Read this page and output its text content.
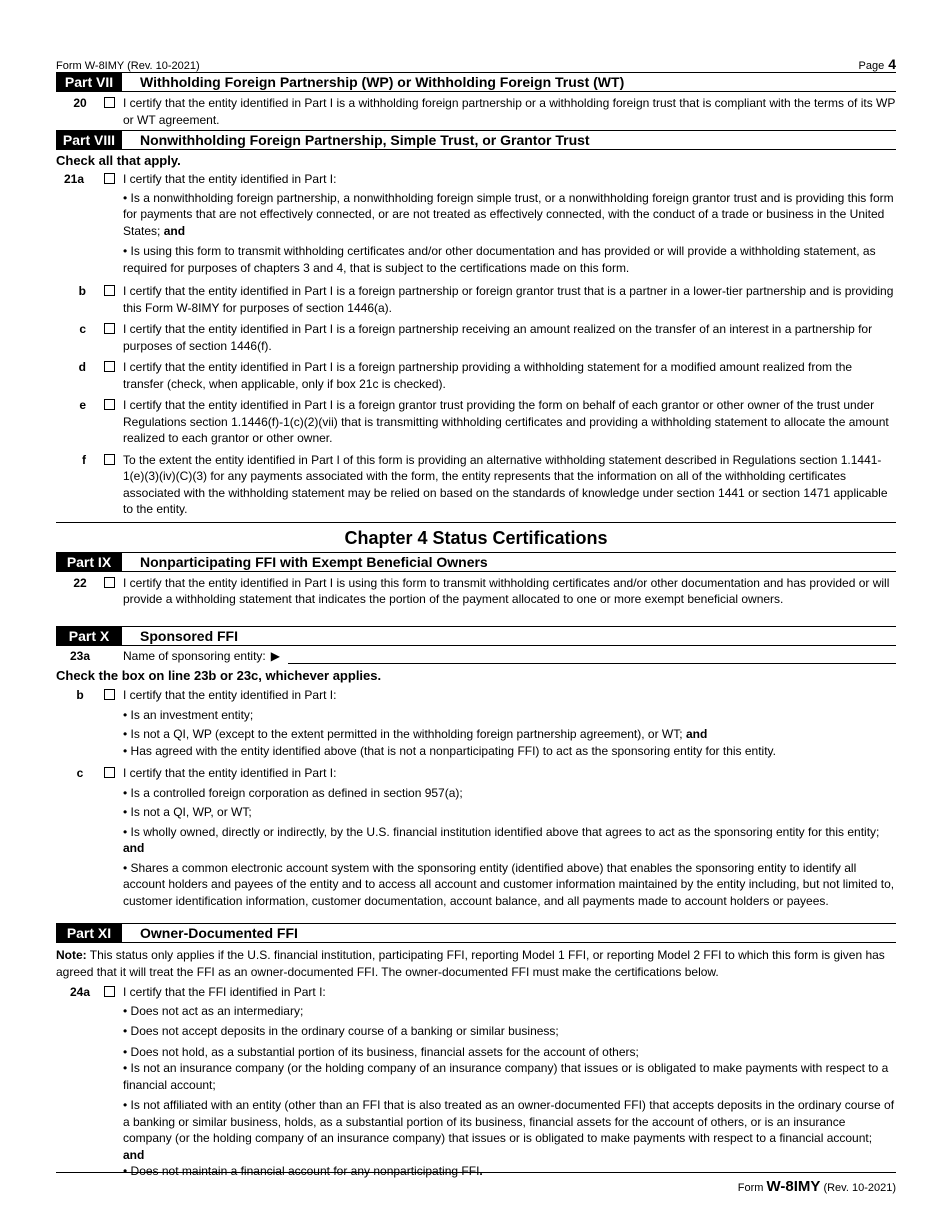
Form W-8IMY (Rev. 10-2021)	Page 4
Part VII	Withholding Foreign Partnership (WP) or Withholding Foreign Trust (WT)
20	I certify that the entity identified in Part I is a withholding foreign partnership or a withholding foreign trust that is compliant with the terms of its WP or WT agreement.
Part VIII	Nonwithholding Foreign Partnership, Simple Trust, or Grantor Trust
Check all that apply.
21a	I certify that the entity identified in Part I:
• Is a nonwithholding foreign partnership, a nonwithholding foreign simple trust, or a nonwithholding foreign grantor trust and is providing this form for payments that are not effectively connected, or are not treated as effectively connected, with the conduct of a trade or business in the United States; and
• Is using this form to transmit withholding certificates and/or other documentation and has provided or will provide a withholding statement, as required for purposes of chapters 3 and 4, that is subject to the certifications made on this form.
b	I certify that the entity identified in Part I is a foreign partnership or foreign grantor trust that is a partner in a lower-tier partnership and is providing this Form W-8IMY for purposes of section 1446(a).
c	I certify that the entity identified in Part I is a foreign partnership receiving an amount realized on the transfer of an interest in a partnership for purposes of section 1446(f).
d	I certify that the entity identified in Part I is a foreign partnership providing a withholding statement for a modified amount realized from the transfer (check, when applicable, only if box 21c is checked).
e	I certify that the entity identified in Part I is a foreign grantor trust providing the form on behalf of each grantor or other owner of the trust under Regulations section 1.1446(f)-1(c)(2)(vii) that is transmitting withholding certificates and providing a withholding statement to allocate the amount realized to each grantor or other owner.
f	To the extent the entity identified in Part I of this form is providing an alternative withholding statement described in Regulations section 1.1441-1(e)(3)(iv)(C)(3) for any payments associated with the form, the entity represents that the information on all of the withholding certificates associated with the withholding statement may be relied on based on the standards of knowledge under section 1441 or section 1471 applicable to the entity.
Chapter 4 Status Certifications
Part IX	Nonparticipating FFI with Exempt Beneficial Owners
22	I certify that the entity identified in Part I is using this form to transmit withholding certificates and/or other documentation and has provided or will provide a withholding statement that indicates the portion of the payment allocated to one or more exempt beneficial owners.
Part X	Sponsored FFI
23a	Name of sponsoring entity: ▶
Check the box on line 23b or 23c, whichever applies.
b	I certify that the entity identified in Part I:
• Is an investment entity;
• Is not a QI, WP (except to the extent permitted in the withholding foreign partnership agreement), or WT; and
• Has agreed with the entity identified above (that is not a nonparticipating FFI) to act as the sponsoring entity for this entity.
c	I certify that the entity identified in Part I:
• Is a controlled foreign corporation as defined in section 957(a);
• Is not a QI, WP, or WT;
• Is wholly owned, directly or indirectly, by the U.S. financial institution identified above that agrees to act as the sponsoring entity for this entity; and
• Shares a common electronic account system with the sponsoring entity (identified above) that enables the sponsoring entity to identify all account holders and payees of the entity and to access all account and customer information maintained by the entity including, but not limited to, customer identification information, customer documentation, account balance, and all payments made to account holders or payees.
Part XI	Owner-Documented FFI
Note: This status only applies if the U.S. financial institution, participating FFI, reporting Model 1 FFI, or reporting Model 2 FFI to which this form is given has agreed that it will treat the FFI as an owner-documented FFI. The owner-documented FFI must make the certifications below.
24a	I certify that the FFI identified in Part I:
• Does not act as an intermediary;
• Does not accept deposits in the ordinary course of a banking or similar business;
• Does not hold, as a substantial portion of its business, financial assets for the account of others;
• Is not an insurance company (or the holding company of an insurance company) that issues or is obligated to make payments with respect to a financial account;
• Is not affiliated with an entity (other than an FFI that is also treated as an owner-documented FFI) that accepts deposits in the ordinary course of a banking or similar business, holds, as a substantial portion of its business, financial assets for the account of others, or is an insurance company (or the holding company of an insurance company) that issues or is obligated to make payments with respect to a financial account; and
• Does not maintain a financial account for any nonparticipating FFI.
Form W-8IMY (Rev. 10-2021)
